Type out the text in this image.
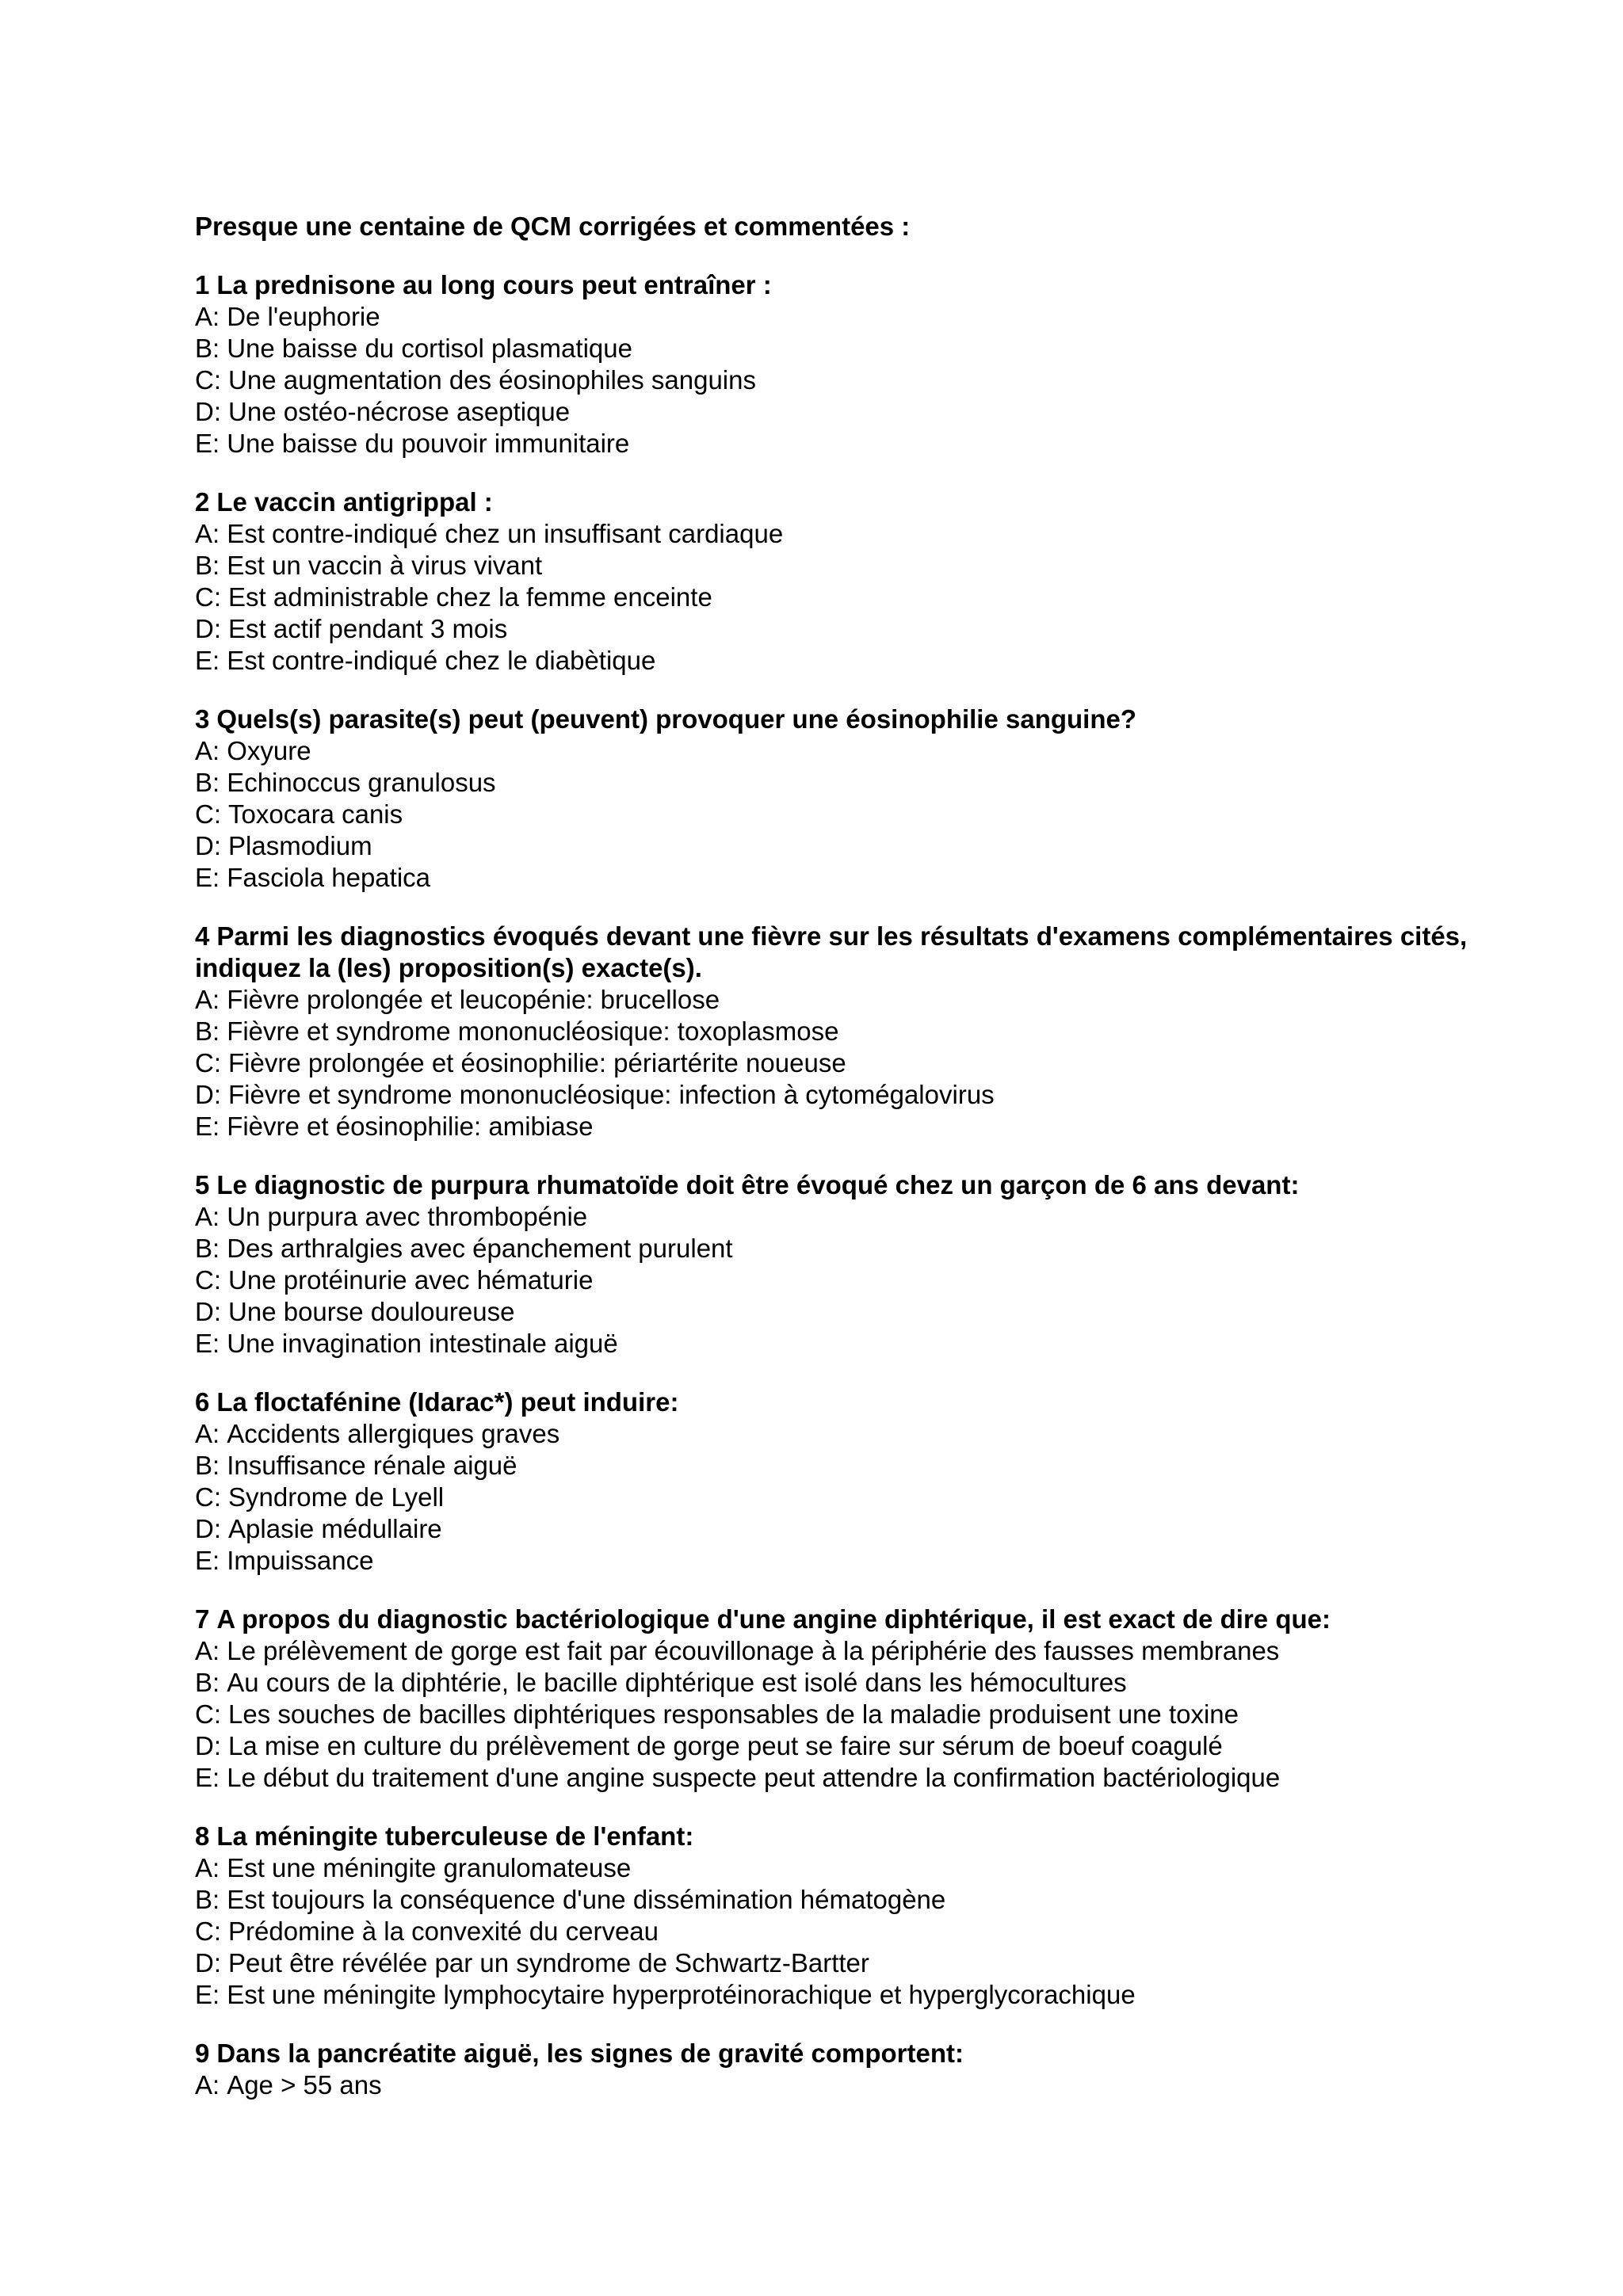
Presque une centaine de QCM corrigées et commentées :
1 La prednisone au long cours peut entraîner :
A: De l'euphorie
B: Une baisse du cortisol plasmatique
C: Une augmentation des éosinophiles sanguins
D: Une ostéo-nécrose aseptique
E: Une baisse du pouvoir immunitaire
2 Le vaccin antigrippal :
A: Est contre-indiqué chez un insuffisant cardiaque
B: Est un vaccin à virus vivant
C: Est administrable chez la femme enceinte
D: Est actif pendant 3 mois
E: Est contre-indiqué chez le diabètique
3 Quels(s) parasite(s) peut (peuvent) provoquer une éosinophilie sanguine?
A: Oxyure
B: Echinoccus granulosus
C: Toxocara canis
D: Plasmodium
E: Fasciola hepatica
4 Parmi les diagnostics évoqués devant une fièvre sur les résultats d'examens complémentaires cités, indiquez la (les) proposition(s) exacte(s).
A: Fièvre prolongée et leucopénie: brucellose
B: Fièvre et syndrome mononucléosique: toxoplasmose
C: Fièvre prolongée et éosinophilie: périartérite noueuse
D: Fièvre et syndrome mononucléosique: infection à cytomégalovirus
E: Fièvre et éosinophilie: amibiase
5 Le diagnostic de purpura rhumatoïde doit être évoqué chez un garçon de 6 ans devant:
A: Un purpura avec thrombopénie
B: Des arthralgies avec épanchement purulent
C: Une protéinurie avec hématurie
D: Une bourse douloureuse
E: Une invagination intestinale aiguë
6 La floctafénine (Idarac*) peut induire:
A: Accidents allergiques graves
B: Insuffisance rénale aiguë
C: Syndrome de Lyell
D: Aplasie médullaire
E: Impuissance
7 A propos du diagnostic bactériologique d'une angine diphtérique, il est exact de dire que:
A: Le prélèvement de gorge est fait par écouvillonage à la périphérie des fausses membranes
B: Au cours de la diphtérie, le bacille diphtérique est isolé dans les hémocultures
C: Les souches de bacilles diphtériques responsables de la maladie produisent une toxine
D: La mise en culture du prélèvement de gorge peut se faire sur sérum de boeuf coagulé
E: Le début du traitement d'une angine suspecte peut attendre la confirmation bactériologique
8 La méningite tuberculeuse de l'enfant:
A: Est une méningite granulomateuse
B: Est toujours la conséquence d'une dissémination hématogène
C: Prédomine à la convexité du cerveau
D: Peut être révélée par un syndrome de Schwartz-Bartter
E: Est une méningite lymphocytaire hyperprotéinorachique et hyperglycorachique
9 Dans la pancréatite aiguë, les signes de gravité comportent:
A: Age > 55 ans
